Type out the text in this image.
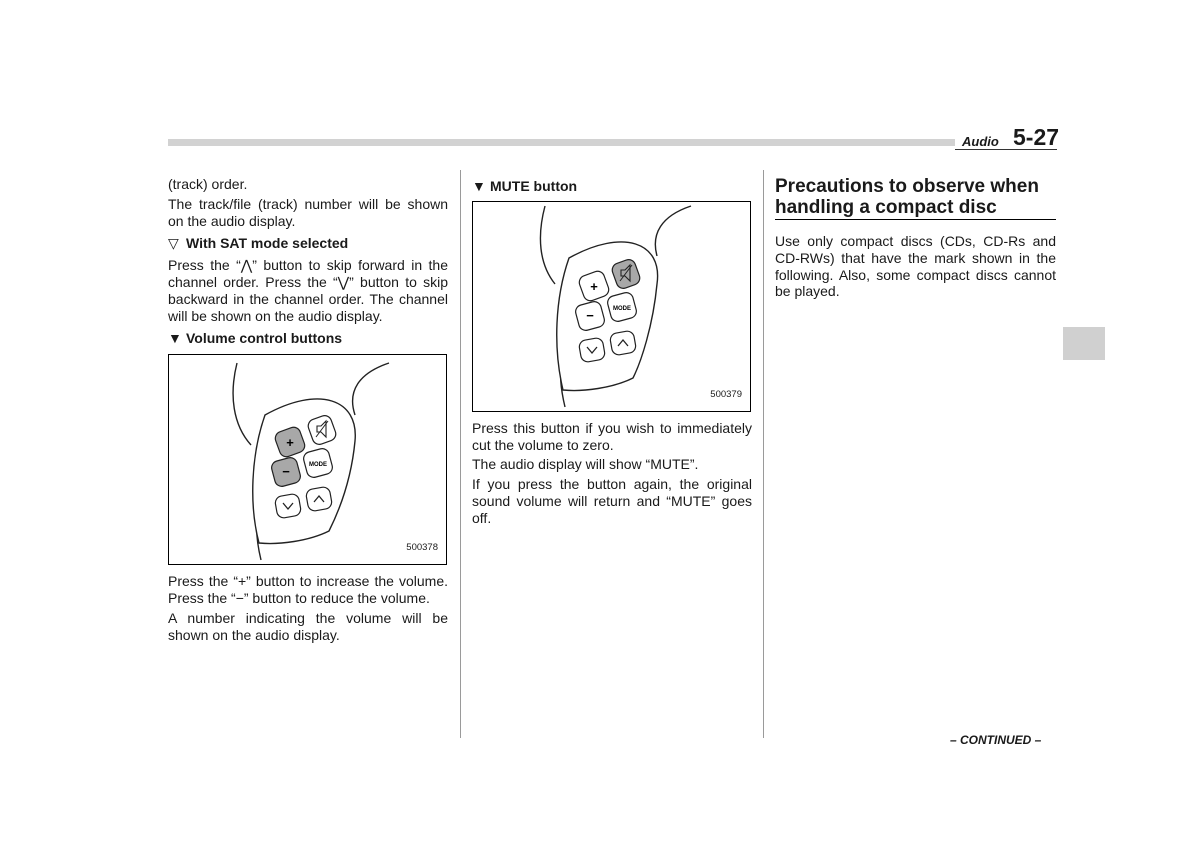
Audio 5-27

(track) order.

The track/file (track) number will be shown on the audio display.

▽ With SAT mode selected

Press the “⋀” button to skip forward in the channel order. Press the “⋁” button to skip backward in the channel order. The channel will be shown on the audio display.

▼ Volume control buttons
+
−	MODE
500378

Press the “+” button to increase the volume. Press the “−” button to reduce the volume.

A number indicating the volume will be shown on the audio display.

▼ MUTE button
+
−	MODE
500379

Press this button if you wish to immediately cut the volume to zero.

The audio display will show “MUTE”.

If you press the button again, the original sound volume will return and “MUTE” goes off.

Precautions to observe when handling a compact disc

Use only compact discs (CDs, CD-Rs and CD-RWs) that have the mark shown in the following. Also, some compact discs cannot be played.

– CONTINUED –
